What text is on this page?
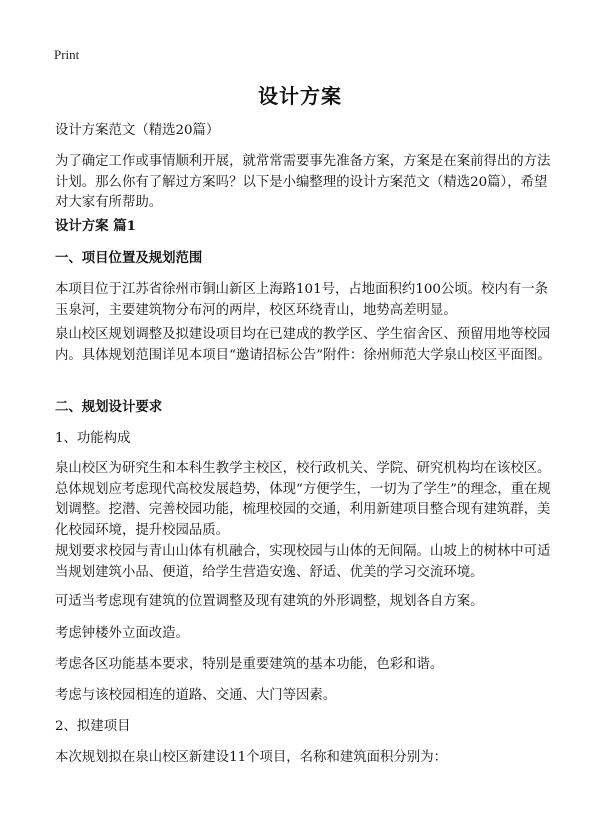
Print
设计方案

设计方案范文（精选20篇）

为了确定工作或事情顺利开展，就常常需要事先准备方案，方案是在案前得出的方法计划。那么你有了解过方案吗？以下是小编整理的设计方案范文（精选20篇），希望对大家有所帮助。

设计方案 篇1

一、项目位置及规划范围

本项目位于江苏省徐州市铜山新区上海路101号，占地面积约100公顷。校内有一条玉泉河，主要建筑物分布河的两岸，校区环绕青山，地势高差明显。

泉山校区规划调整及拟建设项目均在已建成的教学区、学生宿舍区、预留用地等校园内。具体规划范围详见本项目“邀请招标公告”附件：徐州师范大学泉山校区平面图。

二、规划设计要求

1、功能构成

泉山校区为研究生和本科生教学主校区，校行政机关、学院、研究机构均在该校区。总体规划应考虑现代高校发展趋势，体现“方便学生，一切为了学生”的理念，重在规划调整。挖潜、完善校园功能，梳理校园的交通，利用新建项目整合现有建筑群，美化校园环境，提升校园品质。

规划要求校园与青山山体有机融合，实现校园与山体的无间隔。山坡上的树林中可适当规划建筑小品、便道，给学生营造安逸、舒适、优美的学习交流环境。

可适当考虑现有建筑的位置调整及现有建筑的外形调整，规划各自方案。

考虑钟楼外立面改造。

考虑各区功能基本要求，特别是重要建筑的基本功能，色彩和谐。

考虑与该校园相连的道路、交通、大门等因素。

2、拟建项目

本次规划拟在泉山校区新建设11个项目，名称和建筑面积分别为：
